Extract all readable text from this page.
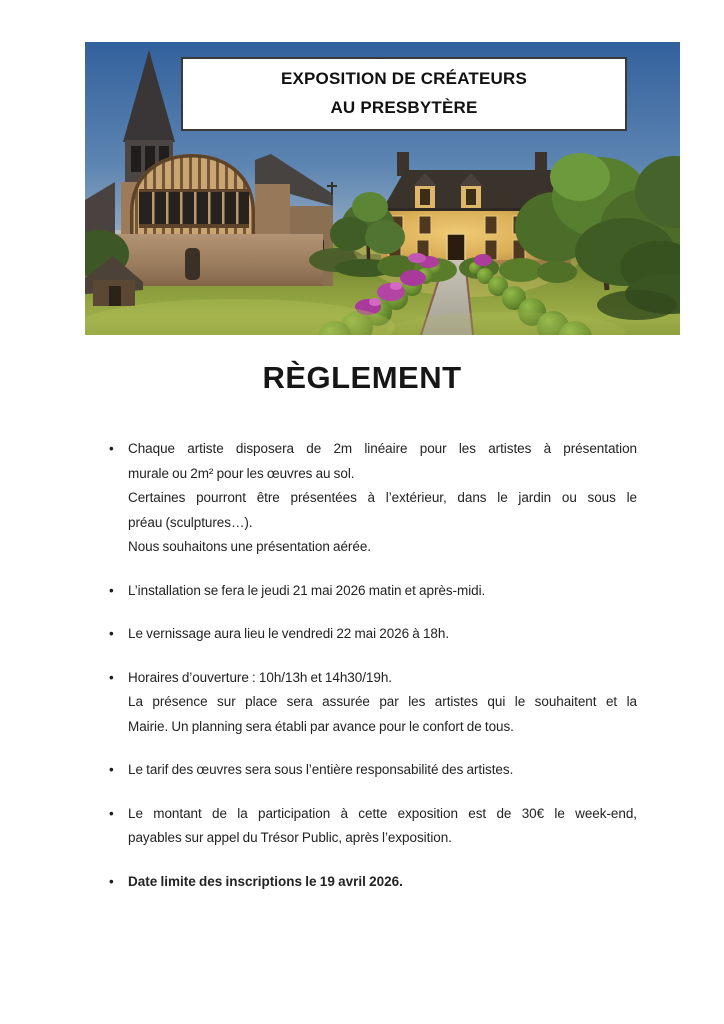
EXPOSITION DE CRÉATEURS
AU PRESBYTÈRE
RÈGLEMENT
•	Chaque artiste disposera de 2m linéaire pour les artistes à présentation
murale ou 2m² pour les œuvres au sol.
Certaines pourront être présentées à l’extérieur, dans le jardin ou sous le
préau (sculptures…).
Nous souhaitons une présentation aérée.
•	L’installation se fera le jeudi 21 mai 2026 matin et après-midi.
•	Le vernissage aura lieu le vendredi 22 mai 2026 à 18h.
•	Horaires d’ouverture : 10h/13h et 14h30/19h.
La présence sur place sera assurée par les artistes qui le souhaitent et la
Mairie. Un planning sera établi par avance pour le confort de tous.
•	Le tarif des œuvres sera sous l’entière responsabilité des artistes.
•	Le montant de la participation à cette exposition est de 30€ le week-end,
payables sur appel du Trésor Public, après l’exposition.
•	Date limite des inscriptions le 19 avril 2026.
